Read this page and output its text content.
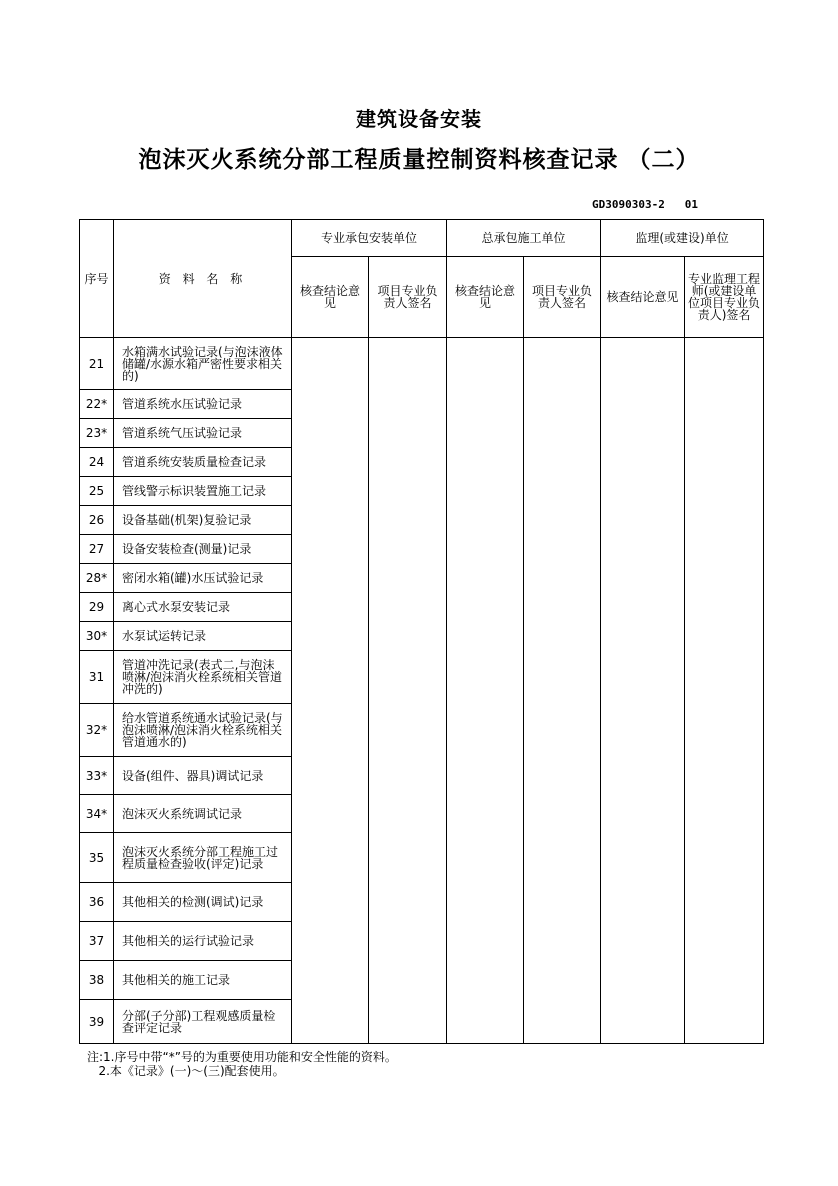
建筑设备安装
泡沫灭火系统分部工程质量控制资料核查记录 （二）
GD3090303-2   01
序号	资 料 名 称	专业承包安装单位		总承包施工单位		监理(或建设)单位	
		核查结论意见	项目专业负责人签名	核查结论意见	项目专业负责人签名	核查结论意见	专业监理工程师(或建设单位项目专业负责人)签名
21	水箱满水试验记录(与泡沫液体储罐/水源水箱严密性要求相关的)						
22*	管道系统水压试验记录						
23*	管道系统气压试验记录						
24	管道系统安装质量检查记录						
25	管线警示标识装置施工记录						
26	设备基础(机架)复验记录						
27	设备安装检查(测量)记录						
28*	密闭水箱(罐)水压试验记录						
29	离心式水泵安装记录						
30*	水泵试运转记录						
31	管道冲洗记录(表式二,与泡沫喷淋/泡沫消火栓系统相关管道冲洗的)						
32*	给水管道系统通水试验记录(与泡沫喷淋/泡沫消火栓系统相关管道通水的)						
33*	设备(组件、器具)调试记录						
34*	泡沫灭火系统调试记录						
35	泡沫灭火系统分部工程施工过程质量检查验收(评定)记录						
36	其他相关的检测(调试)记录						
37	其他相关的运行试验记录						
38	其他相关的施工记录						
39	分部(子分部)工程观感质量检查评定记录						
注:1.序号中带“*”号的为重要使用功能和安全性能的资料。
2.本《记录》(一)～(三)配套使用。
